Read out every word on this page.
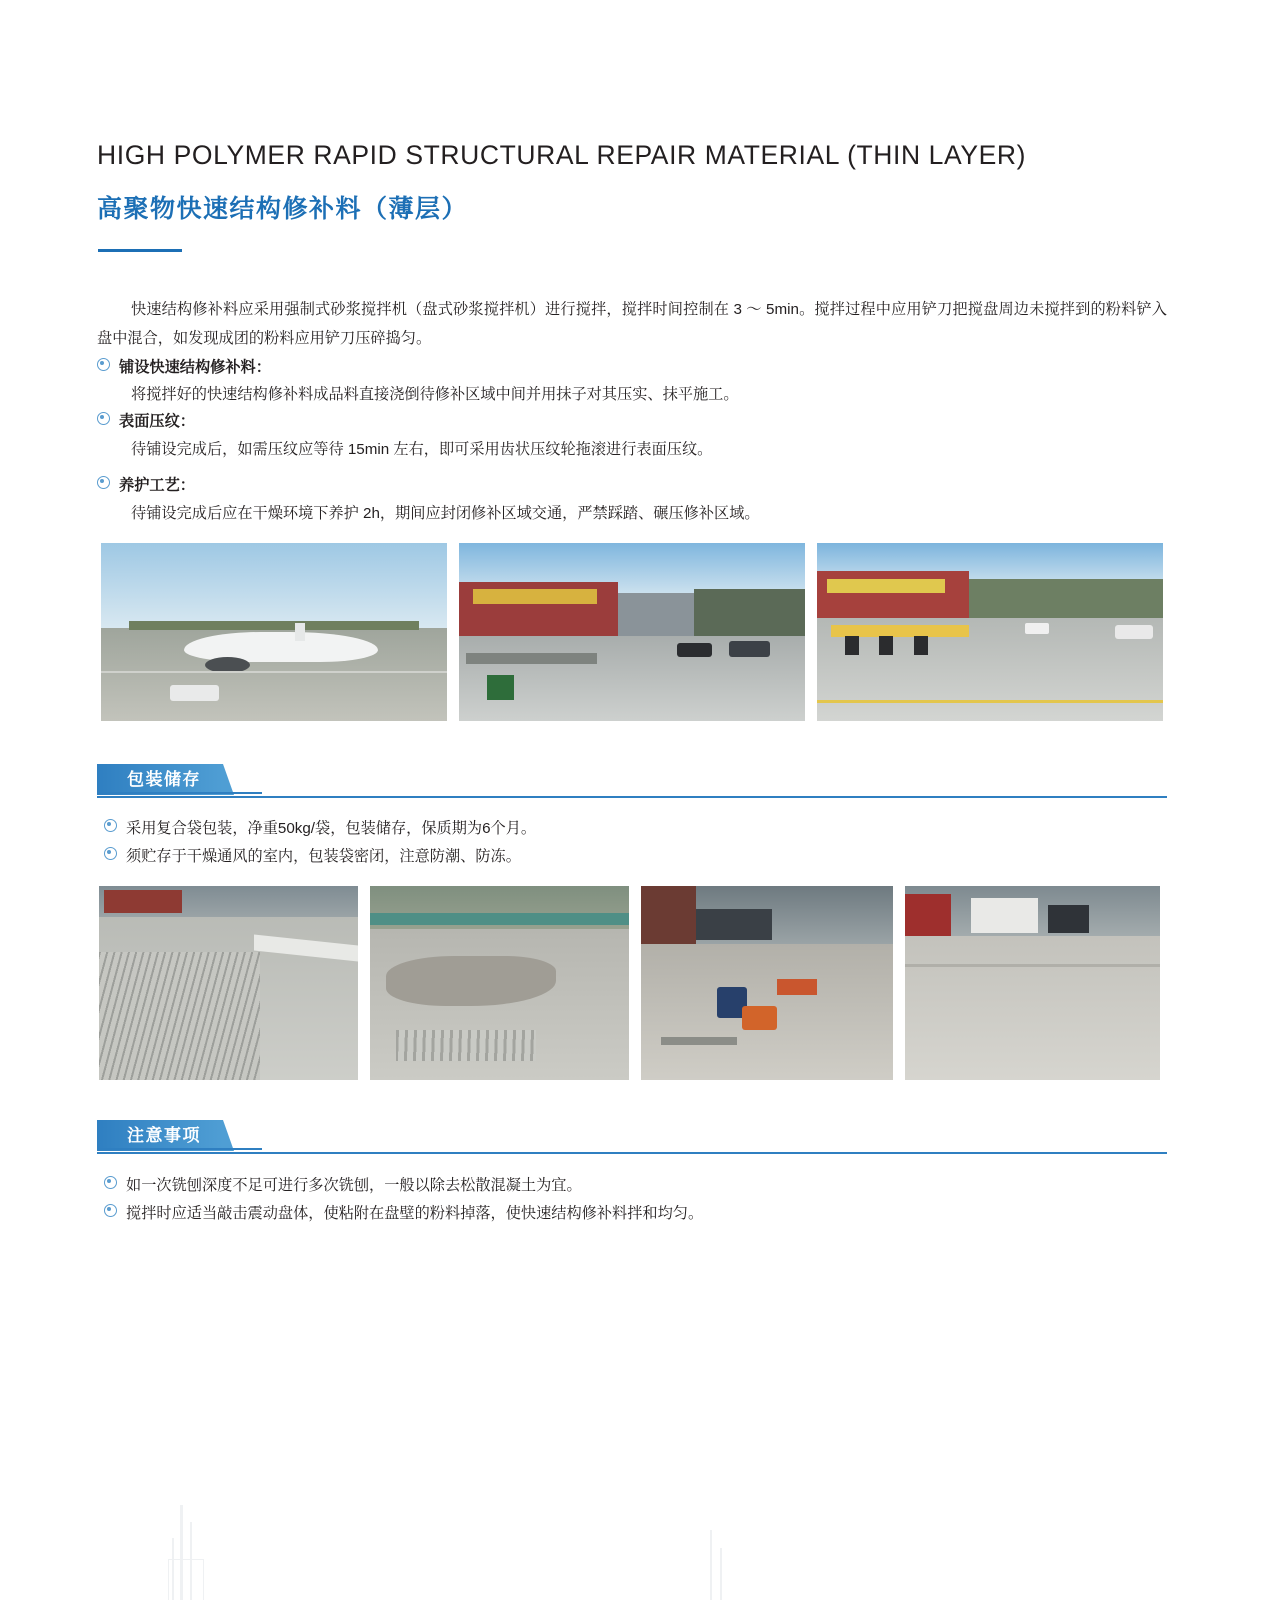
HIGH POLYMER RAPID STRUCTURAL REPAIR MATERIAL (THIN LAYER)
高聚物快速结构修补料（薄层）
快速结构修补料应采用强制式砂浆搅拌机（盘式砂浆搅拌机）进行搅拌，搅拌时间控制在 3 ～ 5min。搅拌过程中应用铲刀把搅盘周边未搅拌到的粉料铲入盘中混合，如发现成团的粉料应用铲刀压碎捣匀。
铺设快速结构修补料：
将搅拌好的快速结构修补料成品料直接浇倒待修补区域中间并用抹子对其压实、抹平施工。
表面压纹：
待铺设完成后，如需压纹应等待 15min 左右，即可采用齿状压纹轮拖滚进行表面压纹。
养护工艺：
待铺设完成后应在干燥环境下养护 2h，期间应封闭修补区域交通，严禁踩踏、碾压修补区域。
包装储存
采用复合袋包装，净重50kg/袋，包装储存，保质期为6个月。
须贮存于干燥通风的室内，包装袋密闭，注意防潮、防冻。
注意事项
如一次铣刨深度不足可进行多次铣刨，一般以除去松散混凝土为宜。
搅拌时应适当敲击震动盘体，使粘附在盘壁的粉料掉落，使快速结构修补料拌和均匀。
